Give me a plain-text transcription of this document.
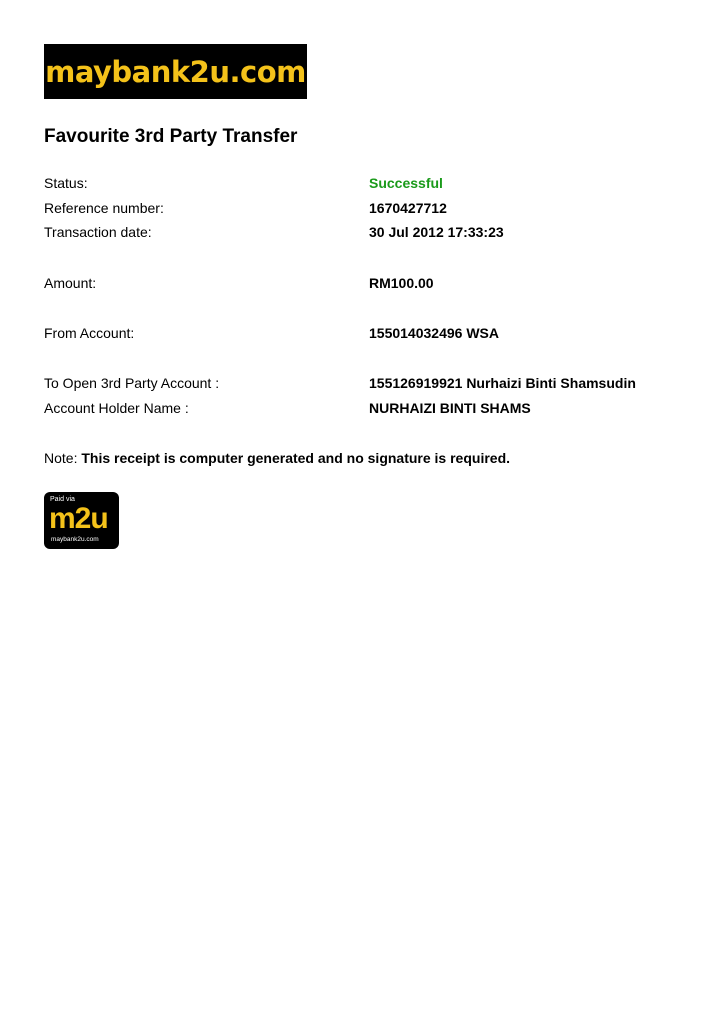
maybank2u.com
Favourite 3rd Party Transfer
Status:	Successful
Reference number:	1670427712
Transaction date:	30 Jul 2012 17:33:23
Amount:	RM100.00
From Account:	155014032496 WSA
To Open 3rd Party Account :	155126919921 Nurhaizi Binti Shamsudin
Account Holder Name :	NURHAIZI BINTI SHAMS
Note: This receipt is computer generated and no signature is required.
Paid via
m2u
maybank2u.com
